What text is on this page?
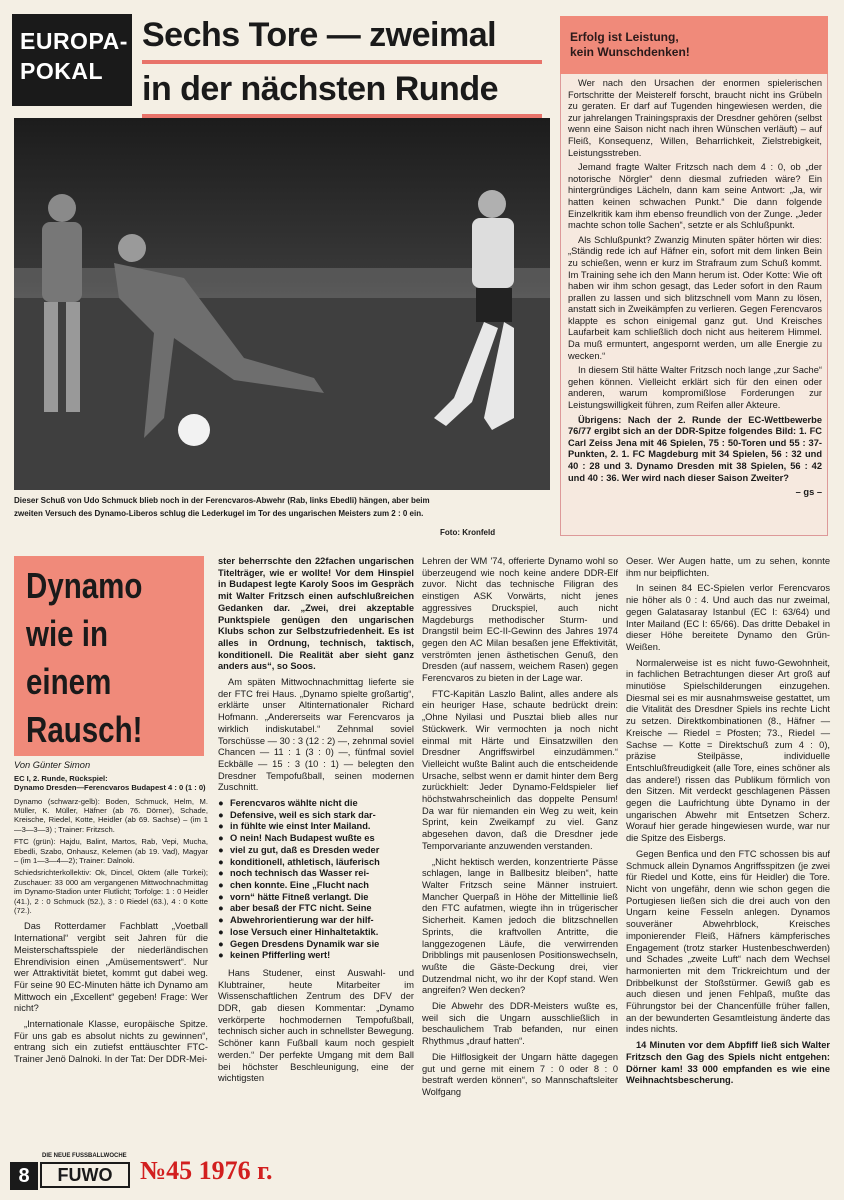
EUROPA-
POKAL
Sechs Tore — zweimal
in der nächsten Runde
Dieser Schuß von Udo Schmuck blieb noch in der Ferencvaros-Abwehr (Rab, links Ebedli) hängen, aber beim
zweiten Versuch des Dynamo-Liberos schlug die Lederkugel im Tor des ungarischen Meisters zum 2 : 0 ein.
Foto: Kronfeld
Erfolg ist Leistung,
kein Wunschdenken!

Wer nach den Ursachen der enormen spielerischen Fortschritte der Meisterelf forscht, braucht nicht ins Grübeln zu geraten. Er darf auf Tugenden hingewiesen werden, die zur jahrelangen Trainingspraxis der Dresdner gehören (selbst wenn eine Saison nicht nach ihren Wünschen verläuft) – auf Fleiß, Konsequenz, Willen, Beharrlichkeit, Zielstrebigkeit, Leistungsstreben.

Jemand fragte Walter Fritzsch nach dem 4 : 0, ob „der notorische Nörgler“ denn diesmal zufrieden wäre? Ein hintergründiges Lächeln, dann kam seine Antwort: „Ja, wir hatten keinen schwachen Punkt.“ Die dann folgende Einzelkritik kam ihm ebenso freundlich von der Zunge. „Jeder machte schon tolle Sachen“, setzte er als Schlußpunkt.

Als Schlußpunkt? Zwanzig Minuten später hörten wir dies: „Ständig rede ich auf Häfner ein, sofort mit dem linken Bein zu schießen, wenn er kurz im Strafraum zum Schuß kommt. Im Training sehe ich den Mann herum ist. Oder Kotte: Wie oft haben wir ihm schon gesagt, das Leder sofort in den Raum prallen zu lassen und sich blitzschnell vom Mann zu lösen, anstatt sich in Zweikämpfen zu verlieren. Gegen Ferencvaros klappte es schon einigemal ganz gut. Und Kreisches Laufarbeit kam schließlich doch nicht aus heiterem Himmel. Da muß ermuntert, angespornt werden, um alle Energie zu wecken.“

In diesem Stil hätte Walter Fritzsch noch lange „zur Sache“ gehen können. Vielleicht erklärt sich für den einen oder anderen, warum kompromißlose Forderungen zur Leistungswilligkeit führen, zum Reifen aller Akteure.

Übrigens: Nach der 2. Runde der EC-Wettbewerbe 76/77 ergibt sich an der DDR-Spitze folgendes Bild: 1. FC Carl Zeiss Jena mit 46 Spielen, 75 : 50-Toren und 55 : 37-Punkten, 2. 1. FC Magdeburg mit 34 Spielen, 56 : 32 und 40 : 28 und 3. Dynamo Dresden mit 38 Spielen, 56 : 42 und 40 : 36. Wer wird nach dieser Saison Zweiter?

– gs –
Dynamo
wie in
einem
Rausch!
Von Günter Simon
EC I, 2. Runde, Rückspiel:
Dynamo Dresden—Ferencvaros Budapest 4 : 0 (1 : 0)
Dynamo (schwarz-gelb): Boden, Schmuck, Helm, M. Müller, K. Müller, Häfner (ab 76. Dörner), Schade, Kreische, Riedel, Kotte, Heidler (ab 69. Sachse) – (im 1—3—3—3) ; Trainer: Fritzsch.
FTC (grün): Hajdu, Balint, Martos, Rab, Vepi, Mucha, Ebedli, Szabo, Onhausz, Kelemen (ab 19. Vad), Magyar – (im 1—3—4—2); Trainer: Dalnoki.
Schiedsrichterkollektiv: Ok, Dincel, Oktem (alle Türkei); Zuschauer: 33 000 am vergangenen Mittwochnachmittag im Dynamo-Stadion unter Flutlicht; Torfolge: 1 : 0 Heidler (41.), 2 : 0 Schmuck (52.), 3 : 0 Riedel (63.), 4 : 0 Kotte (72.).

Das Rotterdamer Fachblatt „Voetball International“ vergibt seit Jahren für die Meisterschaftsspiele der niederländischen Ehrendivision einen „Amüsementswert“. Nur wer Attraktivität bietet, kommt gut dabei weg. Für seine 90 EC-Minuten hätte ich Dynamo am Mittwoch ein „Excellent“ gegeben! Frage: Wer nicht?

„Internationale Klasse, europäische Spitze. Für uns gab es absolut nichts zu gewinnen“, entrang sich ein zutiefst enttäuschter FTC-Trainer Jenö Dalnoki. In der Tat: Der DDR-Mei-

ster beherrschte den 22fachen ungarischen Titelträger, wie er wollte! Vor dem Hinspiel in Budapest legte Karoly Soos im Gespräch mit Walter Fritzsch einen aufschlußreichen Gedanken dar. „Zwei, drei akzeptable Punktspiele genügen den ungarischen Klubs schon zur Selbstzufriedenheit. Es ist alles in Ordnung, technisch, taktisch, konditionell. Die Realität aber sieht ganz anders aus“, so Soos.

Am späten Mittwochnachmittag lieferte sie der FTC frei Haus. „Dynamo spielte großartig“, erklärte unser Altinternationaler Richard Hofmann. „Andererseits war Ferencvaros ja wirklich indiskutabel.“ Zehnmal soviel Torschüsse — 30 : 3 (12 : 2) —, zehnmal soviel Chancen — 11 : 1 (3 : 0) —, fünfmal soviel Eckbälle — 15 : 3 (10 : 1) — belegten den Dresdner Tempofußball, seinen modernen Zuschnitt.

● Ferencvaros wählte nicht die
● Defensive, weil es sich stark dar-
● in fühlte wie einst Inter Mailand.
● O nein! Nach Budapest wußte es
● viel zu gut, daß es Dresden weder
● konditionell, athletisch, läuferisch
● noch technisch das Wasser rei-
● chen konnte. Eine „Flucht nach
● vorn“ hätte Fitneß verlangt. Die
● aber besaß der FTC nicht. Seine
● Abwehrorientierung war der hilf-
● lose Versuch einer Hinhaltetaktik.
● Gegen Dresdens Dynamik war sie
● keinen Pfifferling wert!

Hans Studener, einst Auswahl- und Klubtrainer, heute Mitarbeiter im Wissenschaftlichen Zentrum des DFV der DDR, gab diesen Kommentar: „Dynamo verkörperte hochmodernen Tempofußball, technisch sicher auch in schnellster Bewegung. Schöner kann Fußball kaum noch gespielt werden.“ Der perfekte Umgang mit dem Ball bei höchster Beschleunigung, eine der wichtigsten

Lehren der WM '74, offerierte Dynamo wohl so überzeugend wie noch keine andere DDR-Elf zuvor. Nicht das technische Filigran des einstigen ASK Vorwärts, nicht jenes aggressives Druckspiel, auch nicht Magdeburgs methodischer Sturm- und Drangstil beim EC-II-Gewinn des Jahres 1974 gegen den AC Milan besaßen jene Effektivität, verströmten jenen ästhetischen Genuß, den Dresden (auf nassem, weichem Rasen) gegen Ferencvaros zu bieten in der Lage war.

FTC-Kapitän Laszlo Balint, alles andere als ein heuriger Hase, schaute bedrückt drein: „Ohne Nyilasi und Pusztai blieb alles nur Stückwerk. Wir vermochten ja noch nicht einmal mit Härte und Einsatzwillen den Dresdner Angriffswirbel einzudämmen.“ Vielleicht wußte Balint auch die entscheidende Ursache, selbst wenn er damit hinter dem Berg zurückhielt: Jeder Dynamo-Feldspieler lief höchstwahrscheinlich das doppelte Pensum! Da war für niemanden ein Weg zu weit, kein Sprint, kein Zweikampf zu viel. Ganz abgesehen davon, daß die Dresdner jede Temporvariante anzuwenden verstanden.

„Nicht hektisch werden, konzentrierte Pässe schlagen, lange in Ballbesitz bleiben“, hatte Walter Fritzsch seine Männer instruiert. Mancher Querpaß in Höhe der Mittellinie ließ den FTC aufatmen, wiegte ihn in trügerischer Sicherheit. Kamen jedoch die blitzschnellen Sprints, die kraftvollen Antritte, die langgezogenen Läufe, die verwirrenden Dribblings mit pausenlosen Positionswechseln, wußte die Gäste-Deckung drei, vier Dutzendmal nicht, wo ihr der Kopf stand. Wen angreifen? Wen decken?

Die Abwehr des DDR-Meisters wußte es, weil sich die Ungarn ausschließlich in beschaulichem Trab befanden, nur einen Rhythmus „drauf hatten“.

Die Hilflosigkeit der Ungarn hätte dagegen gut und gerne mit einem 7 : 0 oder 8 : 0 bestraft werden können“, so Mannschaftsleiter Wolfgang

Oeser. Wer Augen hatte, um zu sehen, konnte ihm nur beipflichten.

In seinen 84 EC-Spielen verlor Ferencvaros nie höher als 0 : 4. Und auch das nur zweimal, gegen Galatasaray Istanbul (EC I: 63/64) und Inter Mailand (EC I: 65/66). Das dritte Debakel in dieser Höhe bereitete Dynamo den Grün-Weißen.

Normalerweise ist es nicht fuwo-Gewohnheit, in fachlichen Betrachtungen dieser Art groß auf minutiöse Spielschilderungen einzugehen. Diesmal sei es mir ausnahmsweise gestattet, um die Vitalität des Dresdner Spiels ins rechte Licht zu setzen. Direktkombinationen (8., Häfner — Kreische — Riedel = Pfosten; 73., Riedel — Sachse — Kotte = Direktschuß zum 4 : 0), präzise Steilpässe, individuelle Entschlußfreudigkeit (alle Tore, eines schöner als das andere!) rissen das Publikum förmlich von den Sitzen. Mit verdeckt geschlagenen Pässen gegen die Laufrichtung übte Dynamo in der ungarischen Abwehr mit Entsetzen Scherz. Worauf hier gerade hingewiesen wurde, war nur die Spitze des Eisbergs.

Gegen Benfica und den FTC schossen bis auf Schmuck allein Dynamos Angriffsspitzen (je zwei für Riedel und Kotte, eins für Heidler) die Tore. Nicht von ungefähr, denn wie schon gegen die Portugiesen ließen sich die drei auch von den Ungarn keine Fesseln anlegen. Dynamos souveräner Abwehrblock, Kreisches imponierender Fleiß, Häfners kämpferisches Engagement (trotz starker Hustenbeschwerden) und Schades „zweite Luft“ nach dem Wechsel harmonierten mit dem Trickreichtum und der Dribbelkunst der Stoßstürmer. Gewiß gab es auch diesen und jenen Fehlpaß, mußte das Führungstor bei der Chancenfülle früher fallen, an der bewunderten Gesamtleistung änderte das indes nichts.

14 Minuten vor dem Abpfiff ließ sich Walter Fritzsch den Gag des Spiels nicht entgehen: Dörner kam! 33 000 empfanden es wie eine Weihnachtsbescherung.

8
DIE NEUE FUSSBALLWOCHE
FUWO	№45 1976 г.
